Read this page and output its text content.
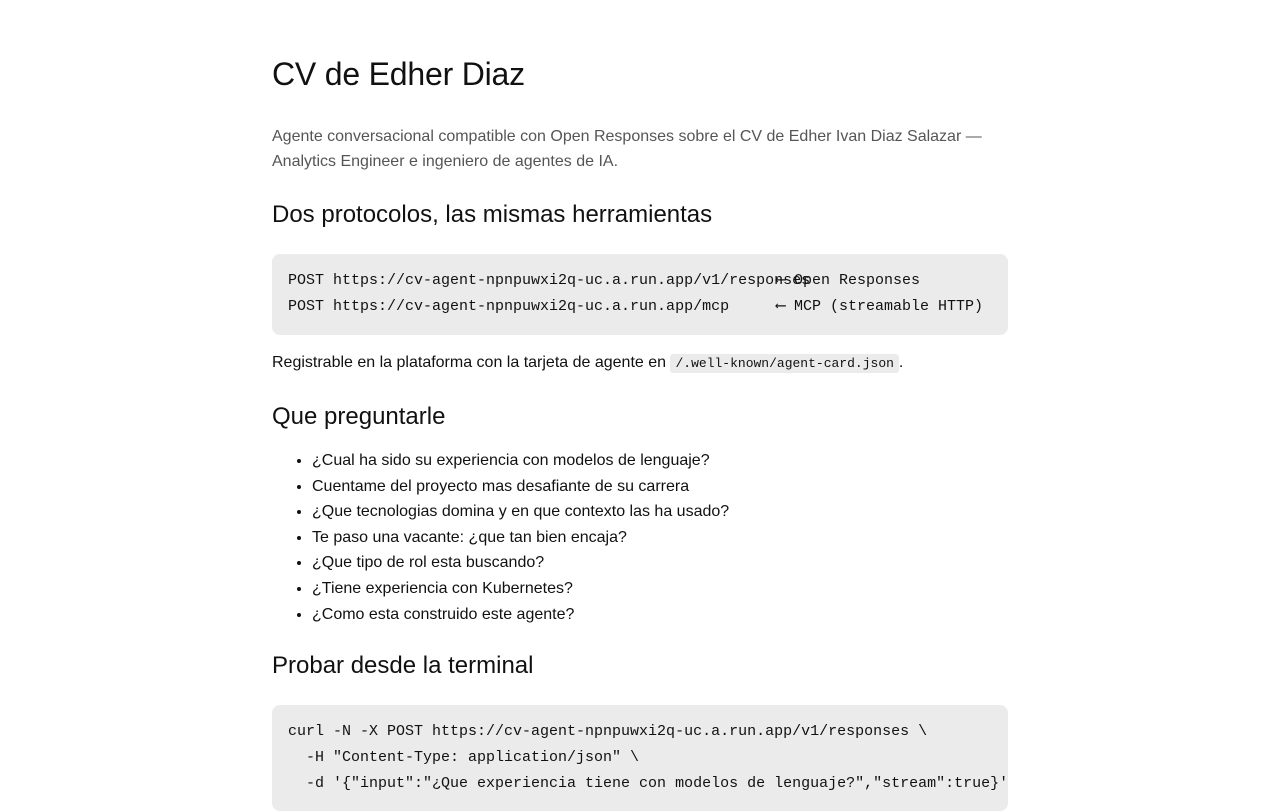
CV de Edher Diaz

Agente conversacional compatible con Open Responses sobre el CV de Edher Ivan Diaz Salazar — Analytics Engineer e ingeniero de agentes de IA.

Dos protocolos, las mismas herramientas
POST https://cv-agent-npnpuwxi2q-uc.a.run.app/v1/responses⟵ Open Responses
POST https://cv-agent-npnpuwxi2q-uc.a.run.app/mcp	⟵ MCP (streamable HTTP)

Registrable en la plataforma con la tarjeta de agente en /.well-known/agent-card.json .

Que preguntarle
• ¿Cual ha sido su experiencia con modelos de lenguaje?
• Cuentame del proyecto mas desafiante de su carrera
• ¿Que tecnologias domina y en que contexto las ha usado?
• Te paso una vacante: ¿que tan bien encaja?
• ¿Que tipo de rol esta buscando?
• ¿Tiene experiencia con Kubernetes?
• ¿Como esta construido este agente?
Probar desde la terminal
curl -N -X POST https://cv-agent-npnpuwxi2q-uc.a.run.app/v1/responses \
-H "Content-Type: application/json" \
-d '{"input":"¿Que experiencia tiene con modelos de lenguaje?","stream":true}'
